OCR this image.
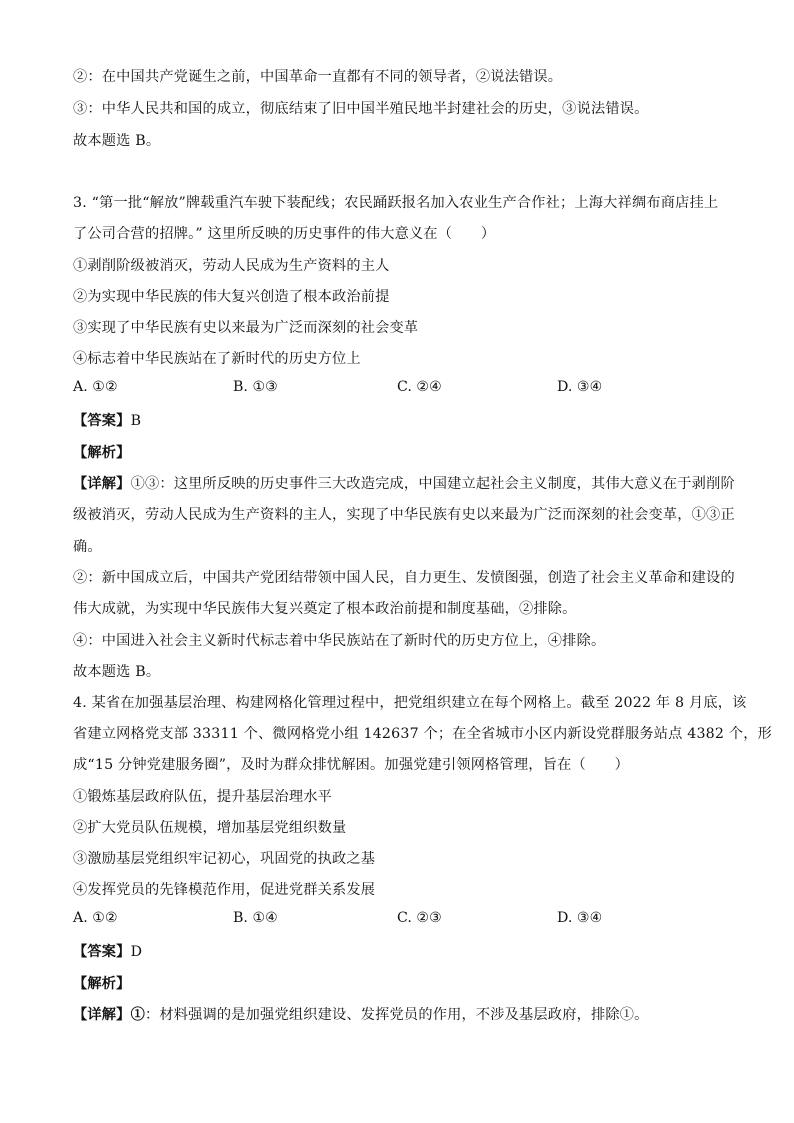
②：在中国共产党诞生之前，中国革命一直都有不同的领导者，②说法错误。
③：中华人民共和国的成立，彻底结束了旧中国半殖民地半封建社会的历史，③说法错误。
故本题选 B。
3. “第一批“解放”牌载重汽车驶下装配线；农民踊跃报名加入农业生产合作社；上海大祥绸布商店挂上
了公司合营的招牌。” 这里所反映的历史事件的伟大意义在（　　）
①剥削阶级被消灭，劳动人民成为生产资料的主人
②为实现中华民族的伟大复兴创造了根本政治前提
③实现了中华民族有史以来最为广泛而深刻的社会变革
④标志着中华民族站在了新时代的历史方位上
A. ①②	B. ①③	C. ②④	D. ③④
【答案】B
【解析】
【详解】①③：这里所反映的历史事件三大改造完成，中国建立起社会主义制度，其伟大意义在于剥削阶
级被消灭，劳动人民成为生产资料的主人，实现了中华民族有史以来最为广泛而深刻的社会变革，①③正
确。
②：新中国成立后，中国共产党团结带领中国人民，自力更生、发愤图强，创造了社会主义革命和建设的
伟大成就，为实现中华民族伟大复兴奠定了根本政治前提和制度基础，②排除。
④：中国进入社会主义新时代标志着中华民族站在了新时代的历史方位上，④排除。
故本题选 B。
4. 某省在加强基层治理、构建网格化管理过程中，把党组织建立在每个网格上。截至 2022 年 8 月底，该
省建立网格党支部 33311 个、微网格党小组 142637 个；在全省城市小区内新设党群服务站点 4382 个，形
成“15 分钟党建服务圈”，及时为群众排忧解困。加强党建引领网格管理，旨在（　　）
①锻炼基层政府队伍，提升基层治理水平
②扩大党员队伍规模，增加基层党组织数量
③激励基层党组织牢记初心，巩固党的执政之基
④发挥党员的先锋模范作用，促进党群关系发展
A. ①②	B. ①④	C. ②③	D. ③④
【答案】D
【解析】
【详解】①：材料强调的是加强党组织建设、发挥党员的作用，不涉及基层政府，排除①。
